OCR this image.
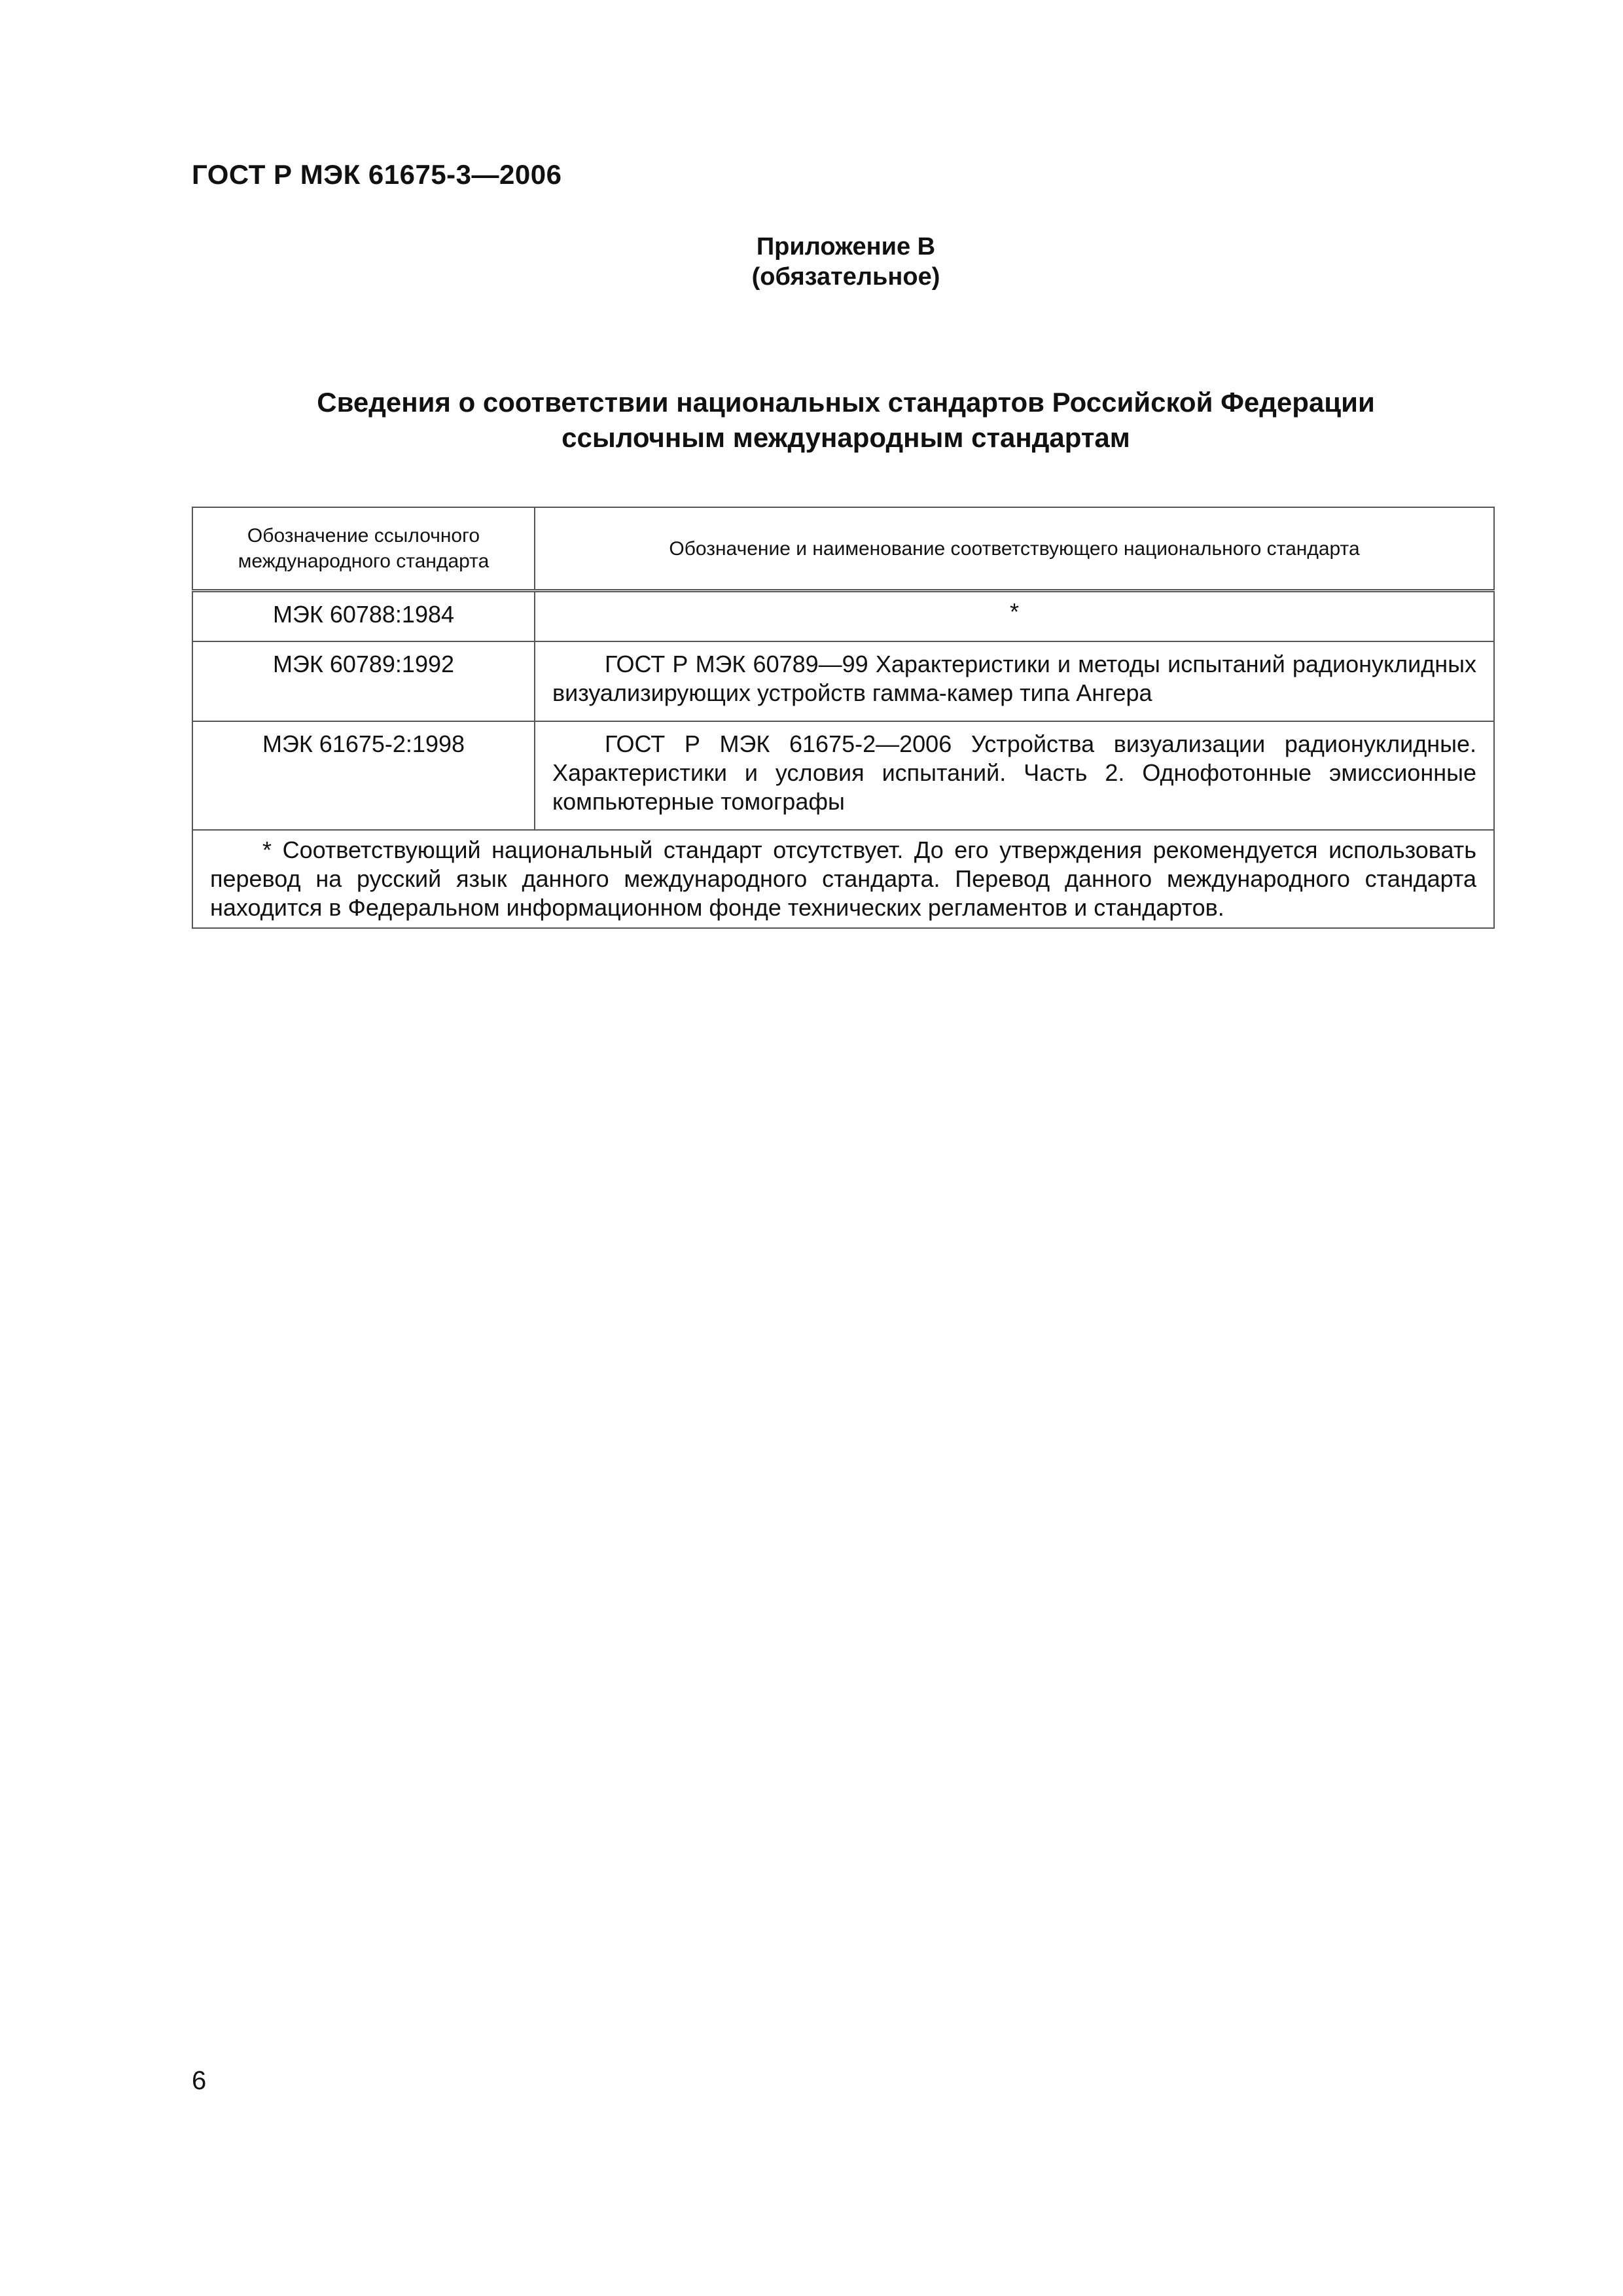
ГОСТ Р МЭК 61675-3—2006
Приложение В
(обязательное)
Сведения о соответствии национальных стандартов Российской Федерации
ссылочным международным стандартам
Обозначение ссылочного международного стандарта	Обозначение и наименование соответствующего национального стандарта
МЭК 60788:1984	*
МЭК 60789:1992	ГОСТ Р МЭК 60789—99 Характеристики и методы испытаний радионуклидных визуализирующих устройств гамма-камер типа Ангера
МЭК 61675-2:1998	ГОСТ Р МЭК 61675-2—2006 Устройства визуализации радионуклидные. Характеристики и условия испытаний. Часть 2. Однофотонные эмиссионные компьютерные томографы
* Соответствующий национальный стандарт отсутствует. До его утверждения рекомендуется использовать перевод на русский язык данного международного стандарта. Перевод данного международного стандарта находится в Федеральном информационном фонде технических регламентов и стандартов.	
6
